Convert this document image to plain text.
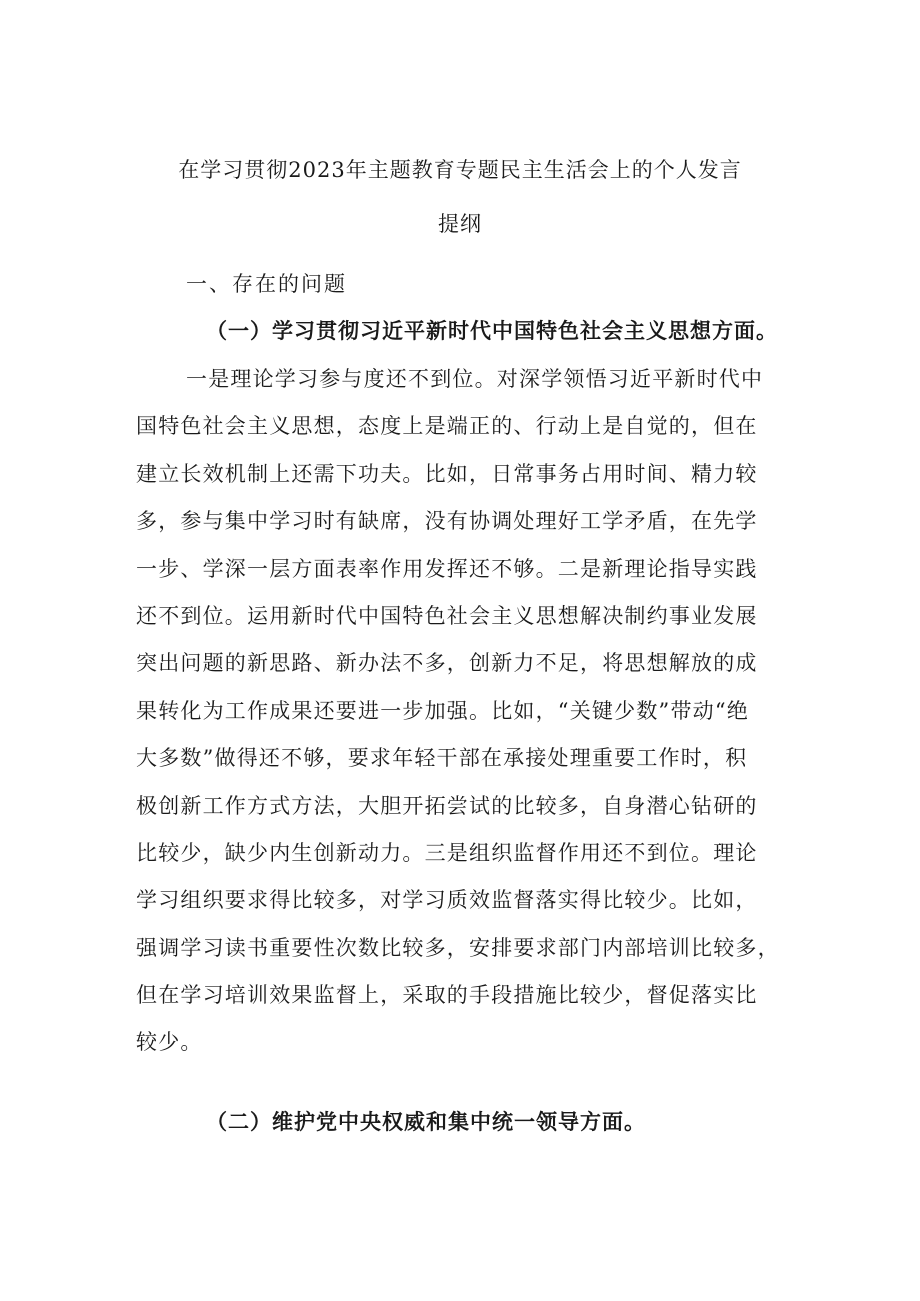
在学习贯彻2023年主题教育专题民主生活会上的个人发言
提纲
一、存在的问题
（一）学习贯彻习近平新时代中国特色社会主义思想方面。
一是理论学习参与度还不到位。对深学领悟习近平新时代中
国特色社会主义思想，态度上是端正的、行动上是自觉的，但在
建立长效机制上还需下功夫。比如，日常事务占用时间、精力较
多，参与集中学习时有缺席，没有协调处理好工学矛盾，在先学
一步、学深一层方面表率作用发挥还不够。二是新理论指导实践
还不到位。运用新时代中国特色社会主义思想解决制约事业发展
突出问题的新思路、新办法不多，创新力不足，将思想解放的成
果转化为工作成果还要进一步加强。比如，“关键少数”带动“绝
大多数”做得还不够，要求年轻干部在承接处理重要工作时，积
极创新工作方式方法，大胆开拓尝试的比较多，自身潜心钻研的
比较少，缺少内生创新动力。三是组织监督作用还不到位。理论
学习组织要求得比较多，对学习质效监督落实得比较少。比如，
强调学习读书重要性次数比较多，安排要求部门内部培训比较多，
但在学习培训效果监督上，采取的手段措施比较少，督促落实比
较少。
（二）维护党中央权威和集中统一领导方面。
